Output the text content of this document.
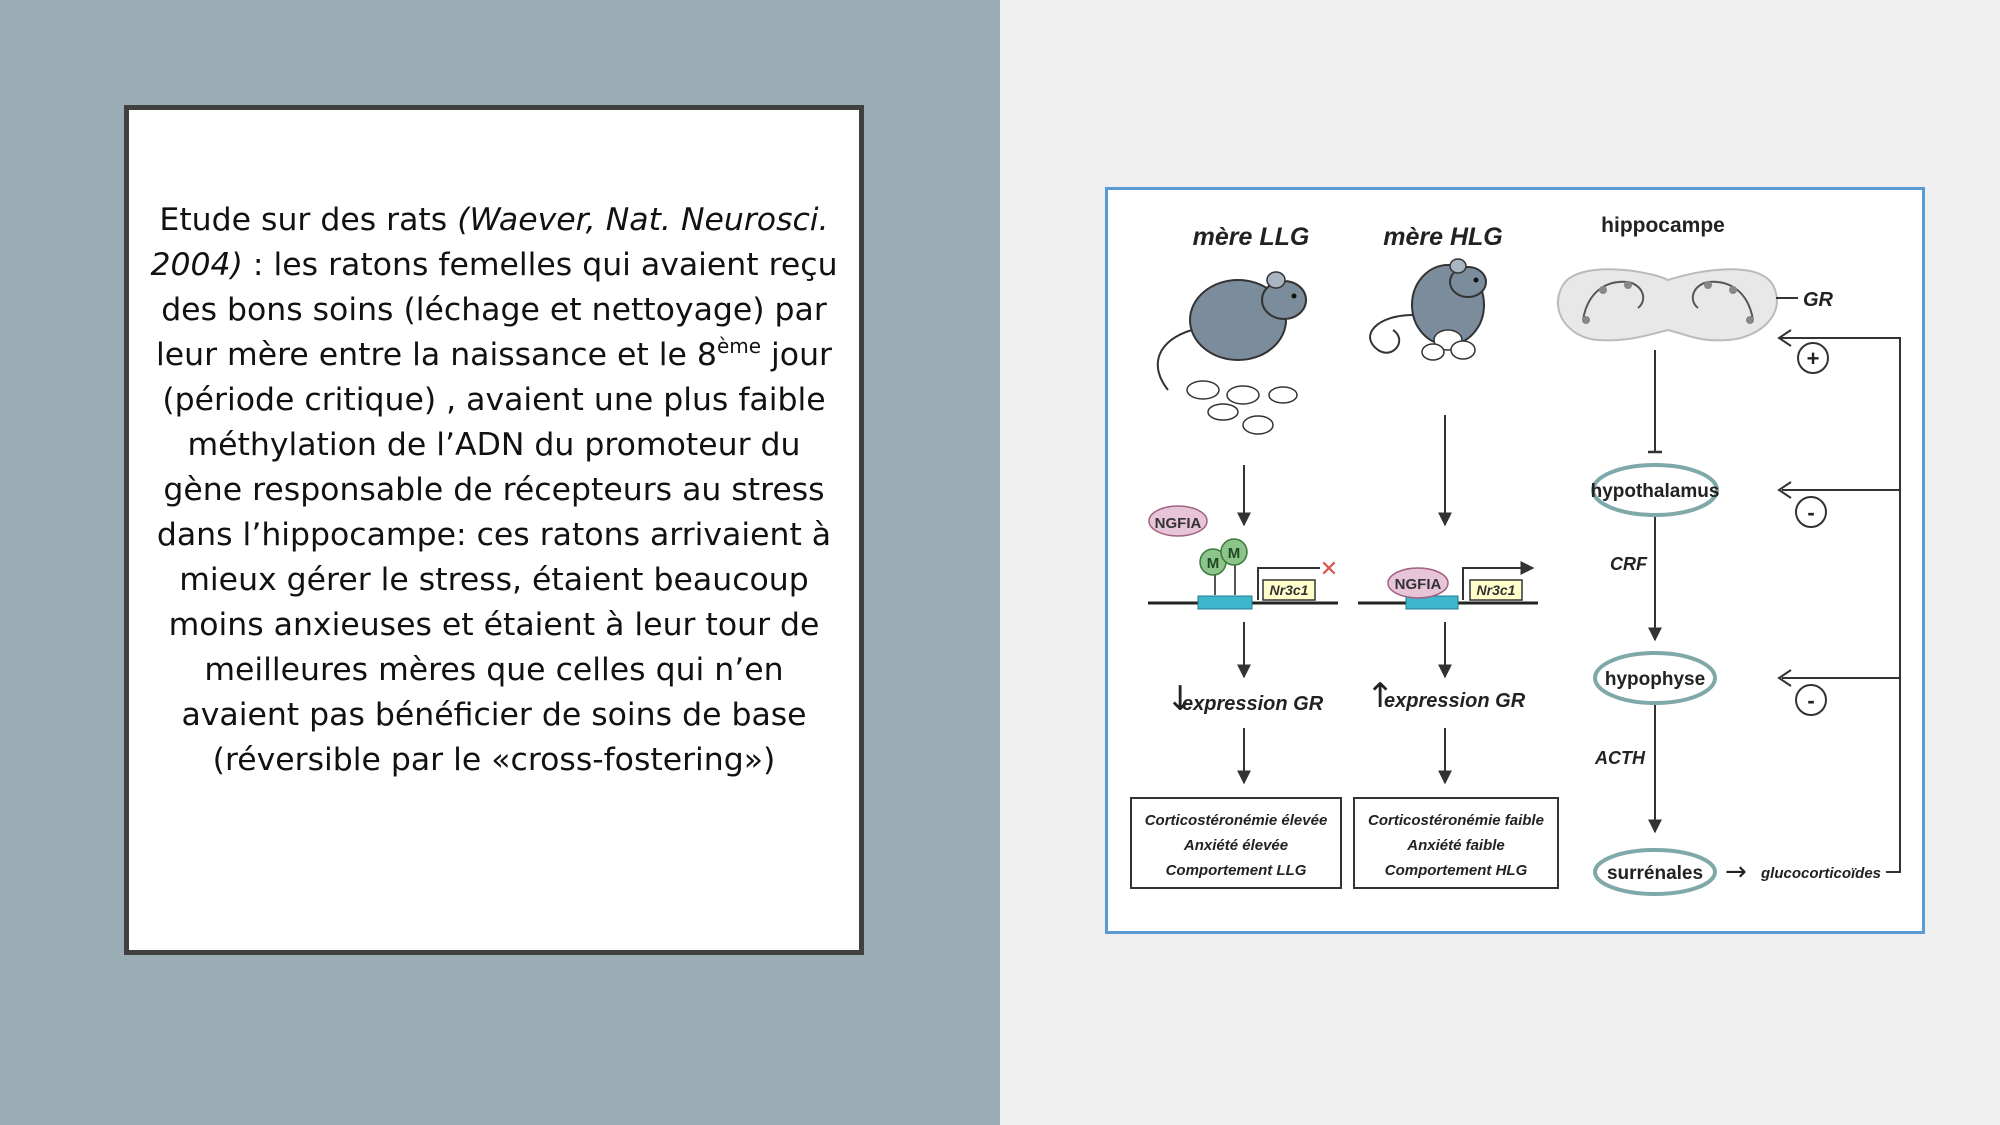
Etude sur des rats (Waever, Nat. Neurosci. 2004) : les ratons femelles qui avaient reçu des bons soins (léchage et nettoyage) par leur mère entre la naissance et le 8ème jour (période critique) , avaient une plus faible méthylation de l’ADN du promoteur du gène responsable de récepteurs au stress dans l’hippocampe: ces ratons arrivaient à mieux gérer le stress, étaient beaucoup moins anxieuses et étaient à leur tour de meilleures mères que celles qui n’en avaient pas bénéficier de soins de base (réversible par le «cross-fostering»)
mère LLG	mère HLG	hippocampe
GR
NGFIA
M
M
Nr3c1
✕
NGFIA	Nr3c1
↓
expression GR ↑
expression GR
Corticostéronémie élevée
Anxiété élevée
Comportement LLG
Corticostéronémie faible
Anxiété faible
Comportement HLG
hypothalamus
CRF
hypophyse
ACTH
surrénales → glucocorticoïdes
+
-
-
